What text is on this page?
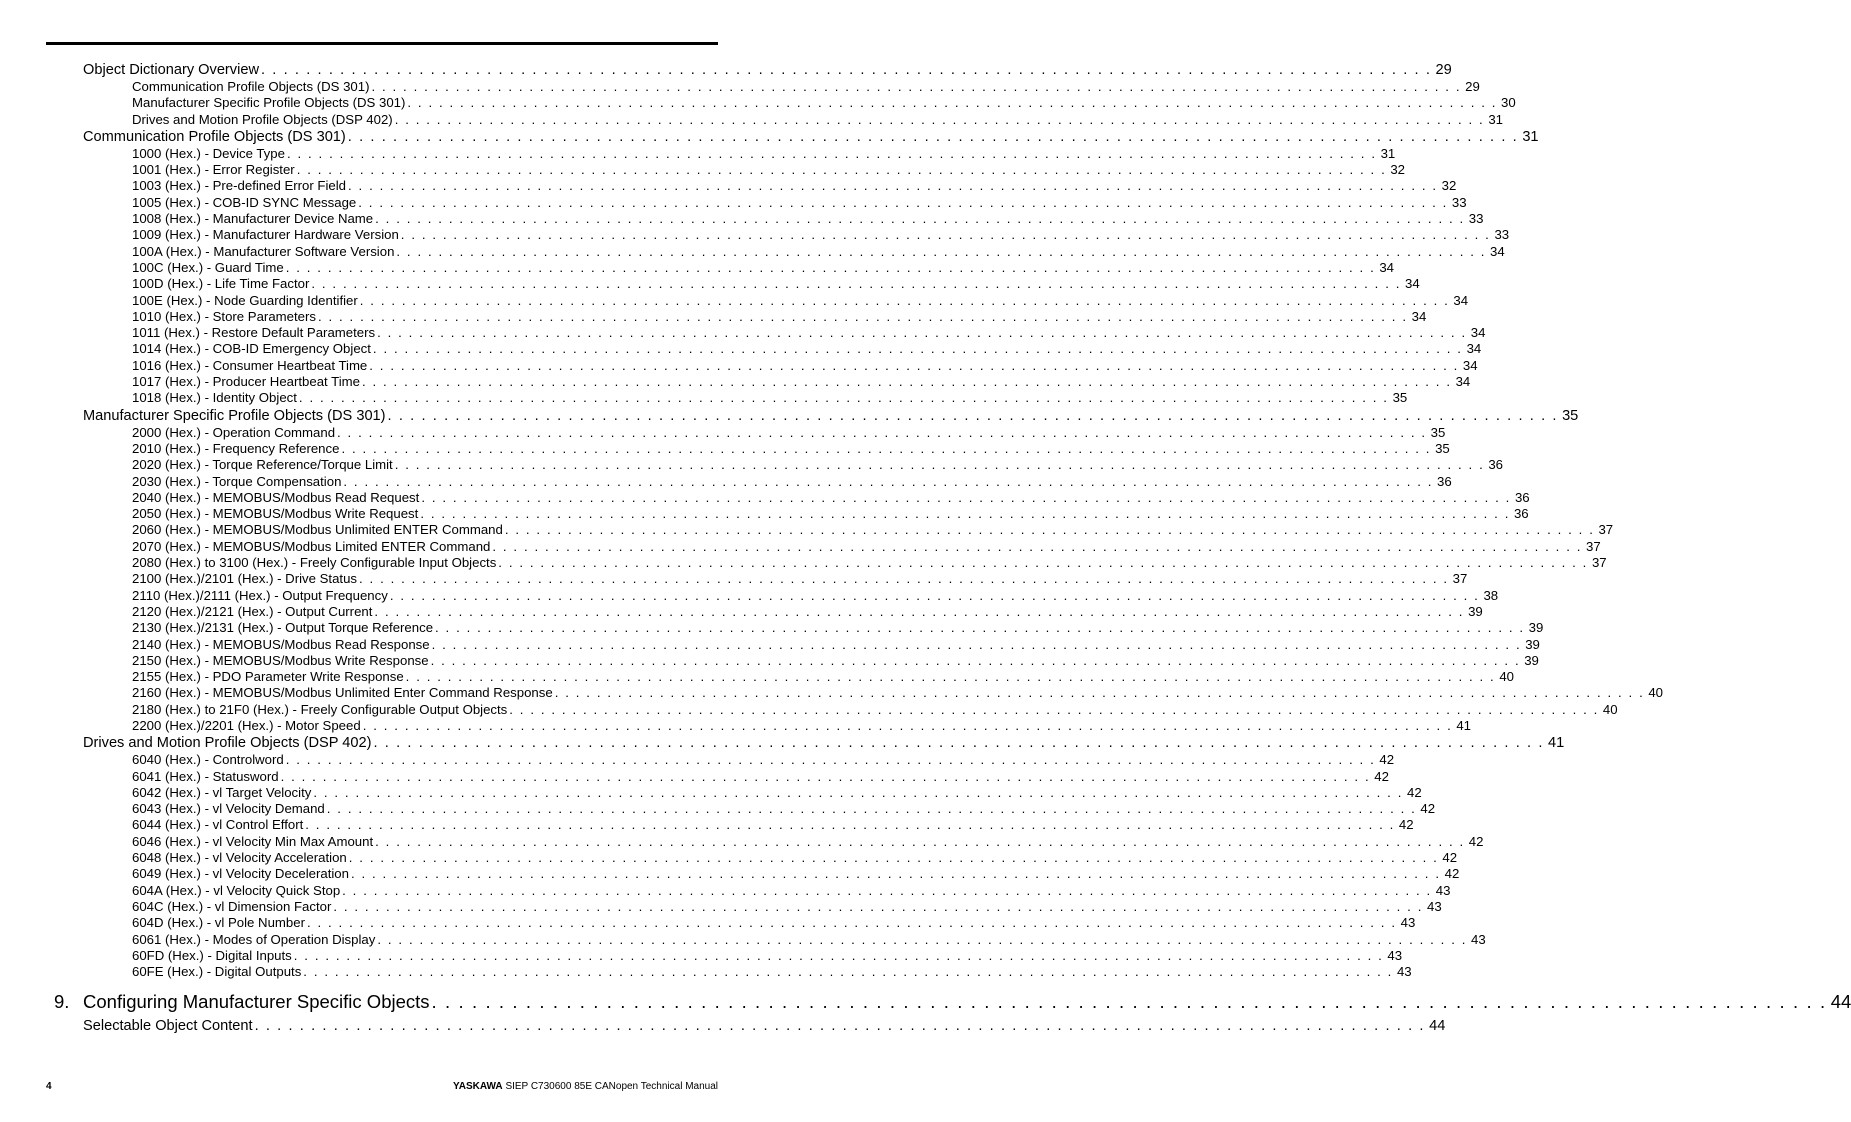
Object Dictionary Overview . . . . . . . . . . . . . . . . . . . . . . . . . . . . . . . . . . . . . . . . . . . . . . . . . . . . . . . . . . . . . . . . . . . . . . . . . . . . . . . . . . . . . . . . . . . . . . . . . . . . . . . . 29
Communication Profile Objects (DS 301) . . . . . . . . . . . . . . . . . . . . . . . . . . . . . . . . . . . . . . . . . . . . . . . . . . . . . . . . . . . . . . . . . . . . . . . . . . . . . . . . . . . . . . . . . . . . . . . . . . . . . . . . 29
Manufacturer Specific Profile Objects (DS 301) . . . . . . . . . . . . . . . . . . . . . . . . . . . . . . . . . . . . . . . . . . . . . . . . . . . . . . . . . . . . . . . . . . . . . . . . . . . . . . . . . . . . . . . . . . . . . . . . . . . . . . . . 30
Drives and Motion Profile Objects (DSP 402) . . . . . . . . . . . . . . . . . . . . . . . . . . . . . . . . . . . . . . . . . . . . . . . . . . . . . . . . . . . . . . . . . . . . . . . . . . . . . . . . . . . . . . . . . . . . . . . . . . . . . . . . 31
Communication Profile Objects (DS 301) . . . . . . . . . . . . . . . . . . . . . . . . . . . . . . . . . . . . . . . . . . . . . . . . . . . . . . . . . . . . . . . . . . . . . . . . . . . . . . . . . . . . . . . . . . . . . . . . . . . . . . . . 31
1000 (Hex.) - Device Type . . . . . . . . . . . . . . . . . . . . . . . . . . . . . . . . . . . . . . . . . . . . . . . . . . . . . . . . . . . . . . . . . . . . . . . . . . . . . . . . . . . . . . . . . . . . . . . . . . . . . . . . 31
1001 (Hex.) - Error Register . . . . . . . . . . . . . . . . . . . . . . . . . . . . . . . . . . . . . . . . . . . . . . . . . . . . . . . . . . . . . . . . . . . . . . . . . . . . . . . . . . . . . . . . . . . . . . . . . . . . . . . . 32
1003 (Hex.) - Pre-defined Error Field . . . . . . . . . . . . . . . . . . . . . . . . . . . . . . . . . . . . . . . . . . . . . . . . . . . . . . . . . . . . . . . . . . . . . . . . . . . . . . . . . . . . . . . . . . . . . . . . . . . . . . . . 32
1005 (Hex.) - COB-ID SYNC Message . . . . . . . . . . . . . . . . . . . . . . . . . . . . . . . . . . . . . . . . . . . . . . . . . . . . . . . . . . . . . . . . . . . . . . . . . . . . . . . . . . . . . . . . . . . . . . . . . . . . . . . . 33
1008 (Hex.) - Manufacturer Device Name . . . . . . . . . . . . . . . . . . . . . . . . . . . . . . . . . . . . . . . . . . . . . . . . . . . . . . . . . . . . . . . . . . . . . . . . . . . . . . . . . . . . . . . . . . . . . . . . . . . . . . . . 33
1009 (Hex.) - Manufacturer Hardware Version . . . . . . . . . . . . . . . . . . . . . . . . . . . . . . . . . . . . . . . . . . . . . . . . . . . . . . . . . . . . . . . . . . . . . . . . . . . . . . . . . . . . . . . . . . . . . . . . . . . . . . . . 33
100A (Hex.) - Manufacturer Software Version . . . . . . . . . . . . . . . . . . . . . . . . . . . . . . . . . . . . . . . . . . . . . . . . . . . . . . . . . . . . . . . . . . . . . . . . . . . . . . . . . . . . . . . . . . . . . . . . . . . . . . . . 34
100C (Hex.) - Guard Time . . . . . . . . . . . . . . . . . . . . . . . . . . . . . . . . . . . . . . . . . . . . . . . . . . . . . . . . . . . . . . . . . . . . . . . . . . . . . . . . . . . . . . . . . . . . . . . . . . . . . . . . 34
100D (Hex.) - Life Time Factor . . . . . . . . . . . . . . . . . . . . . . . . . . . . . . . . . . . . . . . . . . . . . . . . . . . . . . . . . . . . . . . . . . . . . . . . . . . . . . . . . . . . . . . . . . . . . . . . . . . . . . . . 34
100E (Hex.) - Node Guarding Identifier . . . . . . . . . . . . . . . . . . . . . . . . . . . . . . . . . . . . . . . . . . . . . . . . . . . . . . . . . . . . . . . . . . . . . . . . . . . . . . . . . . . . . . . . . . . . . . . . . . . . . . . . 34
1010 (Hex.) - Store Parameters . . . . . . . . . . . . . . . . . . . . . . . . . . . . . . . . . . . . . . . . . . . . . . . . . . . . . . . . . . . . . . . . . . . . . . . . . . . . . . . . . . . . . . . . . . . . . . . . . . . . . . . . 34
1011 (Hex.) - Restore Default Parameters . . . . . . . . . . . . . . . . . . . . . . . . . . . . . . . . . . . . . . . . . . . . . . . . . . . . . . . . . . . . . . . . . . . . . . . . . . . . . . . . . . . . . . . . . . . . . . . . . . . . . . . . 34
1014 (Hex.) - COB-ID Emergency Object . . . . . . . . . . . . . . . . . . . . . . . . . . . . . . . . . . . . . . . . . . . . . . . . . . . . . . . . . . . . . . . . . . . . . . . . . . . . . . . . . . . . . . . . . . . . . . . . . . . . . . . . 34
1016 (Hex.) - Consumer Heartbeat Time . . . . . . . . . . . . . . . . . . . . . . . . . . . . . . . . . . . . . . . . . . . . . . . . . . . . . . . . . . . . . . . . . . . . . . . . . . . . . . . . . . . . . . . . . . . . . . . . . . . . . . . . 34
1017 (Hex.) - Producer Heartbeat Time . . . . . . . . . . . . . . . . . . . . . . . . . . . . . . . . . . . . . . . . . . . . . . . . . . . . . . . . . . . . . . . . . . . . . . . . . . . . . . . . . . . . . . . . . . . . . . . . . . . . . . . . 34
1018 (Hex.) - Identity Object . . . . . . . . . . . . . . . . . . . . . . . . . . . . . . . . . . . . . . . . . . . . . . . . . . . . . . . . . . . . . . . . . . . . . . . . . . . . . . . . . . . . . . . . . . . . . . . . . . . . . . . . 35
Manufacturer Specific Profile Objects (DS 301) . . . . . . . . . . . . . . . . . . . . . . . . . . . . . . . . . . . . . . . . . . . . . . . . . . . . . . . . . . . . . . . . . . . . . . . . . . . . . . . . . . . . . . . . . . . . . . . . . . . . . . . . 35
2000 (Hex.) - Operation Command . . . . . . . . . . . . . . . . . . . . . . . . . . . . . . . . . . . . . . . . . . . . . . . . . . . . . . . . . . . . . . . . . . . . . . . . . . . . . . . . . . . . . . . . . . . . . . . . . . . . . . . . 35
2010 (Hex.) - Frequency Reference . . . . . . . . . . . . . . . . . . . . . . . . . . . . . . . . . . . . . . . . . . . . . . . . . . . . . . . . . . . . . . . . . . . . . . . . . . . . . . . . . . . . . . . . . . . . . . . . . . . . . . . . 35
2020 (Hex.) - Torque Reference/Torque Limit . . . . . . . . . . . . . . . . . . . . . . . . . . . . . . . . . . . . . . . . . . . . . . . . . . . . . . . . . . . . . . . . . . . . . . . . . . . . . . . . . . . . . . . . . . . . . . . . . . . . . . . . 36
2030 (Hex.) - Torque Compensation . . . . . . . . . . . . . . . . . . . . . . . . . . . . . . . . . . . . . . . . . . . . . . . . . . . . . . . . . . . . . . . . . . . . . . . . . . . . . . . . . . . . . . . . . . . . . . . . . . . . . . . . 36
2040 (Hex.) - MEMOBUS/Modbus Read Request . . . . . . . . . . . . . . . . . . . . . . . . . . . . . . . . . . . . . . . . . . . . . . . . . . . . . . . . . . . . . . . . . . . . . . . . . . . . . . . . . . . . . . . . . . . . . . . . . . . . . . . . 36
2050 (Hex.) - MEMOBUS/Modbus Write Request . . . . . . . . . . . . . . . . . . . . . . . . . . . . . . . . . . . . . . . . . . . . . . . . . . . . . . . . . . . . . . . . . . . . . . . . . . . . . . . . . . . . . . . . . . . . . . . . . . . . . . . . 36
2060 (Hex.) - MEMOBUS/Modbus Unlimited ENTER Command . . . . . . . . . . . . . . . . . . . . . . . . . . . . . . . . . . . . . . . . . . . . . . . . . . . . . . . . . . . . . . . . . . . . . . . . . . . . . . . . . . . . . . . . . . . . . . . . . . . . . . . . 37
2070 (Hex.) - MEMOBUS/Modbus Limited ENTER Command . . . . . . . . . . . . . . . . . . . . . . . . . . . . . . . . . . . . . . . . . . . . . . . . . . . . . . . . . . . . . . . . . . . . . . . . . . . . . . . . . . . . . . . . . . . . . . . . . . . . . . . . 37
2080 (Hex.) to 3100 (Hex.) - Freely Configurable Input Objects . . . . . . . . . . . . . . . . . . . . . . . . . . . . . . . . . . . . . . . . . . . . . . . . . . . . . . . . . . . . . . . . . . . . . . . . . . . . . . . . . . . . . . . . . . . . . . . . . . . . . . . . 37
2100 (Hex.)/2101 (Hex.) - Drive Status . . . . . . . . . . . . . . . . . . . . . . . . . . . . . . . . . . . . . . . . . . . . . . . . . . . . . . . . . . . . . . . . . . . . . . . . . . . . . . . . . . . . . . . . . . . . . . . . . . . . . . . . 37
2110 (Hex.)/2111 (Hex.) - Output Frequency . . . . . . . . . . . . . . . . . . . . . . . . . . . . . . . . . . . . . . . . . . . . . . . . . . . . . . . . . . . . . . . . . . . . . . . . . . . . . . . . . . . . . . . . . . . . . . . . . . . . . . . . 38
2120 (Hex.)/2121 (Hex.) - Output Current . . . . . . . . . . . . . . . . . . . . . . . . . . . . . . . . . . . . . . . . . . . . . . . . . . . . . . . . . . . . . . . . . . . . . . . . . . . . . . . . . . . . . . . . . . . . . . . . . . . . . . . . 39
2130 (Hex.)/2131 (Hex.) - Output Torque Reference . . . . . . . . . . . . . . . . . . . . . . . . . . . . . . . . . . . . . . . . . . . . . . . . . . . . . . . . . . . . . . . . . . . . . . . . . . . . . . . . . . . . . . . . . . . . . . . . . . . . . . . . 39
2140 (Hex.) - MEMOBUS/Modbus Read Response . . . . . . . . . . . . . . . . . . . . . . . . . . . . . . . . . . . . . . . . . . . . . . . . . . . . . . . . . . . . . . . . . . . . . . . . . . . . . . . . . . . . . . . . . . . . . . . . . . . . . . . . 39
2150 (Hex.) - MEMOBUS/Modbus Write Response . . . . . . . . . . . . . . . . . . . . . . . . . . . . . . . . . . . . . . . . . . . . . . . . . . . . . . . . . . . . . . . . . . . . . . . . . . . . . . . . . . . . . . . . . . . . . . . . . . . . . . . . 39
2155 (Hex.) - PDO Parameter Write Response . . . . . . . . . . . . . . . . . . . . . . . . . . . . . . . . . . . . . . . . . . . . . . . . . . . . . . . . . . . . . . . . . . . . . . . . . . . . . . . . . . . . . . . . . . . . . . . . . . . . . . . . 40
2160 (Hex.) - MEMOBUS/Modbus Unlimited Enter Command Response . . . . . . . . . . . . . . . . . . . . . . . . . . . . . . . . . . . . . . . . . . . . . . . . . . . . . . . . . . . . . . . . . . . . . . . . . . . . . . . . . . . . . . . . . . . . . . . . . . . . . . . . 40
2180 (Hex.) to 21F0 (Hex.) - Freely Configurable Output Objects . . . . . . . . . . . . . . . . . . . . . . . . . . . . . . . . . . . . . . . . . . . . . . . . . . . . . . . . . . . . . . . . . . . . . . . . . . . . . . . . . . . . . . . . . . . . . . . . . . . . . . . . 40
2200 (Hex.)/2201 (Hex.) - Motor Speed . . . . . . . . . . . . . . . . . . . . . . . . . . . . . . . . . . . . . . . . . . . . . . . . . . . . . . . . . . . . . . . . . . . . . . . . . . . . . . . . . . . . . . . . . . . . . . . . . . . . . . . . 41
Drives and Motion Profile Objects (DSP 402) . . . . . . . . . . . . . . . . . . . . . . . . . . . . . . . . . . . . . . . . . . . . . . . . . . . . . . . . . . . . . . . . . . . . . . . . . . . . . . . . . . . . . . . . . . . . . . . . . . . . . . . . 41
6040 (Hex.) - Controlword . . . . . . . . . . . . . . . . . . . . . . . . . . . . . . . . . . . . . . . . . . . . . . . . . . . . . . . . . . . . . . . . . . . . . . . . . . . . . . . . . . . . . . . . . . . . . . . . . . . . . . . . 42
6041 (Hex.) - Statusword . . . . . . . . . . . . . . . . . . . . . . . . . . . . . . . . . . . . . . . . . . . . . . . . . . . . . . . . . . . . . . . . . . . . . . . . . . . . . . . . . . . . . . . . . . . . . . . . . . . . . . . . 42
6042 (Hex.) - vl Target Velocity . . . . . . . . . . . . . . . . . . . . . . . . . . . . . . . . . . . . . . . . . . . . . . . . . . . . . . . . . . . . . . . . . . . . . . . . . . . . . . . . . . . . . . . . . . . . . . . . . . . . . . . . 42
6043 (Hex.) - vl Velocity Demand . . . . . . . . . . . . . . . . . . . . . . . . . . . . . . . . . . . . . . . . . . . . . . . . . . . . . . . . . . . . . . . . . . . . . . . . . . . . . . . . . . . . . . . . . . . . . . . . . . . . . . . . 42
6044 (Hex.) - vl Control Effort . . . . . . . . . . . . . . . . . . . . . . . . . . . . . . . . . . . . . . . . . . . . . . . . . . . . . . . . . . . . . . . . . . . . . . . . . . . . . . . . . . . . . . . . . . . . . . . . . . . . . . . . 42
6046 (Hex.) - vl Velocity Min Max Amount . . . . . . . . . . . . . . . . . . . . . . . . . . . . . . . . . . . . . . . . . . . . . . . . . . . . . . . . . . . . . . . . . . . . . . . . . . . . . . . . . . . . . . . . . . . . . . . . . . . . . . . . 42
6048 (Hex.) - vl Velocity Acceleration . . . . . . . . . . . . . . . . . . . . . . . . . . . . . . . . . . . . . . . . . . . . . . . . . . . . . . . . . . . . . . . . . . . . . . . . . . . . . . . . . . . . . . . . . . . . . . . . . . . . . . . . 42
6049 (Hex.) - vl Velocity Deceleration . . . . . . . . . . . . . . . . . . . . . . . . . . . . . . . . . . . . . . . . . . . . . . . . . . . . . . . . . . . . . . . . . . . . . . . . . . . . . . . . . . . . . . . . . . . . . . . . . . . . . . . . 42
604A (Hex.) - vl Velocity Quick Stop . . . . . . . . . . . . . . . . . . . . . . . . . . . . . . . . . . . . . . . . . . . . . . . . . . . . . . . . . . . . . . . . . . . . . . . . . . . . . . . . . . . . . . . . . . . . . . . . . . . . . . . . 43
604C (Hex.) - vl Dimension Factor . . . . . . . . . . . . . . . . . . . . . . . . . . . . . . . . . . . . . . . . . . . . . . . . . . . . . . . . . . . . . . . . . . . . . . . . . . . . . . . . . . . . . . . . . . . . . . . . . . . . . . . . 43
604D (Hex.) - vl Pole Number . . . . . . . . . . . . . . . . . . . . . . . . . . . . . . . . . . . . . . . . . . . . . . . . . . . . . . . . . . . . . . . . . . . . . . . . . . . . . . . . . . . . . . . . . . . . . . . . . . . . . . . . 43
6061 (Hex.) - Modes of Operation Display . . . . . . . . . . . . . . . . . . . . . . . . . . . . . . . . . . . . . . . . . . . . . . . . . . . . . . . . . . . . . . . . . . . . . . . . . . . . . . . . . . . . . . . . . . . . . . . . . . . . . . . . 43
60FD (Hex.) - Digital Inputs . . . . . . . . . . . . . . . . . . . . . . . . . . . . . . . . . . . . . . . . . . . . . . . . . . . . . . . . . . . . . . . . . . . . . . . . . . . . . . . . . . . . . . . . . . . . . . . . . . . . . . . . 43
60FE (Hex.) - Digital Outputs . . . . . . . . . . . . . . . . . . . . . . . . . . . . . . . . . . . . . . . . . . . . . . . . . . . . . . . . . . . . . . . . . . . . . . . . . . . . . . . . . . . . . . . . . . . . . . . . . . . . . . . . 43
9. Configuring Manufacturer Specific Objects . . . . . . . . . . . . . . . . . . . . . . . . . . . . . . . . . . . . . . . . . . . . . . . . . . . . . . . . . . . . . . . . . . . . . . . . . . . . . . . . . . . . . . . . . . . . . . . . . . . . . . . . 44
Selectable Object Content . . . . . . . . . . . . . . . . . . . . . . . . . . . . . . . . . . . . . . . . . . . . . . . . . . . . . . . . . . . . . . . . . . . . . . . . . . . . . . . . . . . . . . . . . . . . . . . . . . . . . . . . 44
4	YASKAWA SIEP C730600 85E CANopen Technical Manual
